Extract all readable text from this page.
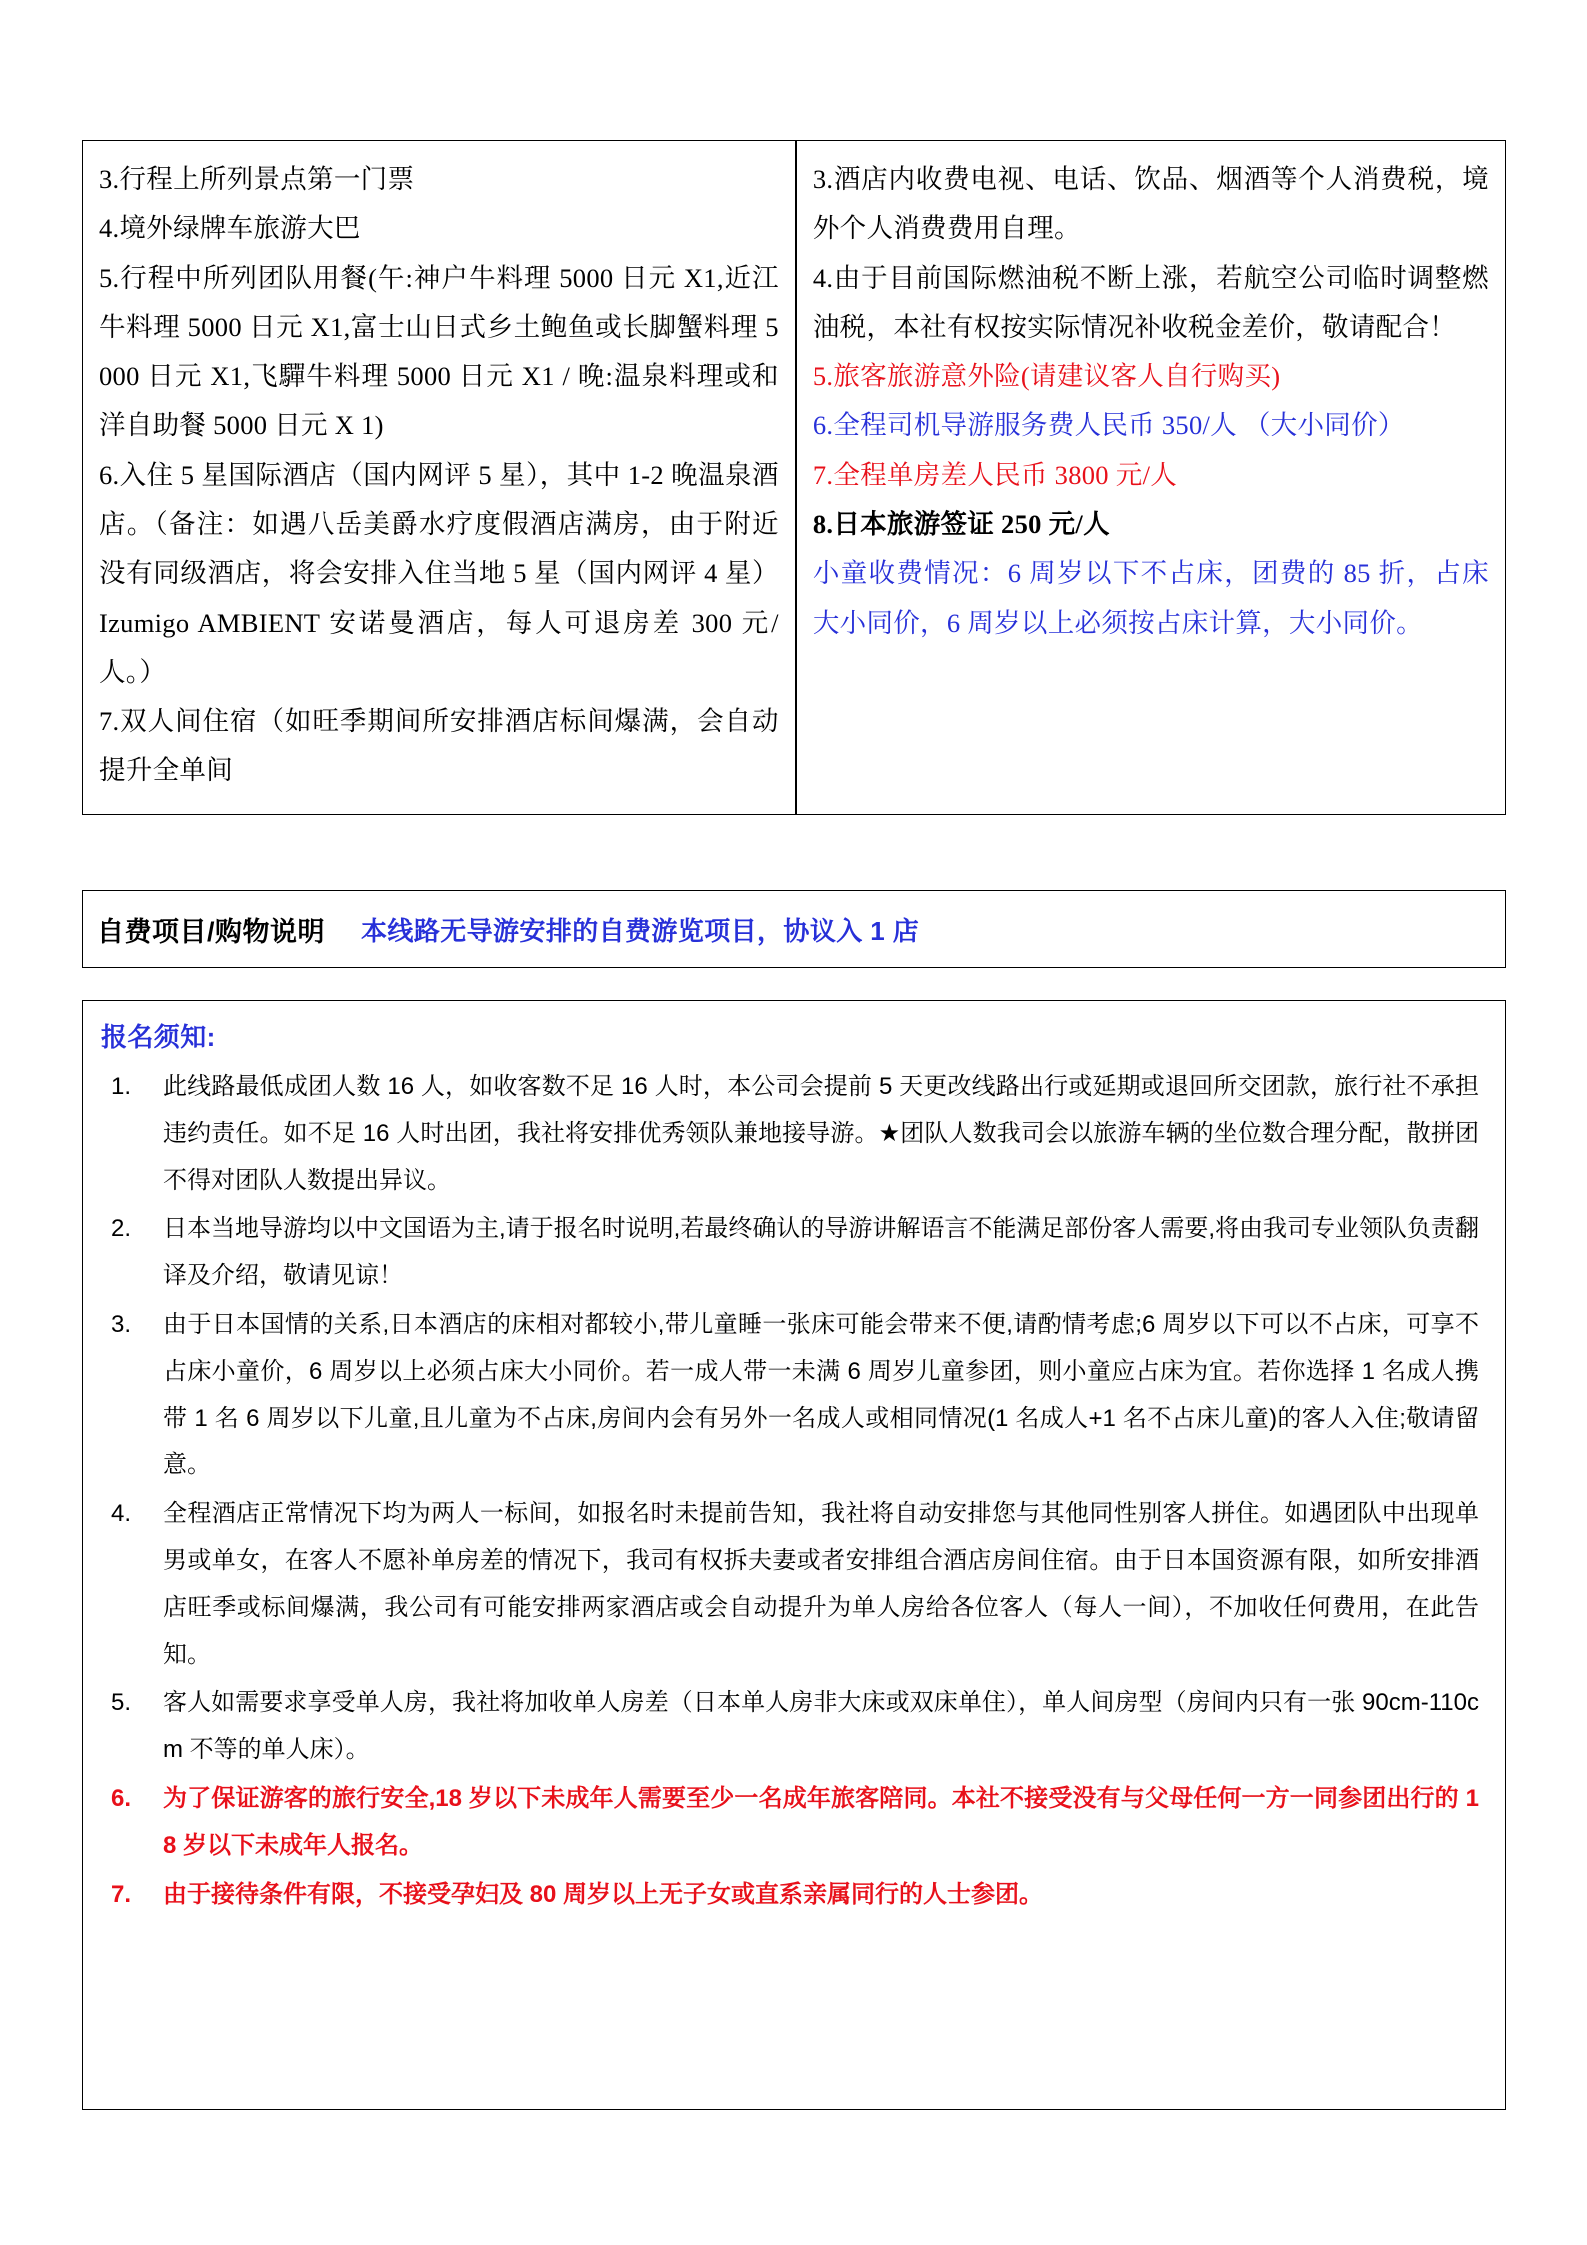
3.行程上所列景点第一门票
4.境外绿牌车旅游大巴
5.行程中所列团队用餐(午:神户牛料理 5000 日元 X1,近江牛料理 5000 日元 X1,富士山日式乡土鲍鱼或长脚蟹料理 5000 日元 X1,飞驒牛料理 5000 日元 X1 / 晚:温泉料理或和洋自助餐 5000 日元 X 1)
6.入住 5 星国际酒店（国内网评 5 星），其中 1-2 晚温泉酒店。（备注：如遇八岳美爵水疗度假酒店满房，由于附近没有同级酒店，将会安排入住当地 5 星（国内网评 4 星）Izumigo AMBIENT 安诺曼酒店，每人可退房差 300 元/人。）
7.双人间住宿（如旺季期间所安排酒店标间爆满，会自动提升全单间
3.酒店内收费电视、电话、饮品、烟酒等个人消费税，境外个人消费费用自理。
4.由于目前国际燃油税不断上涨，若航空公司临时调整燃油税，本社有权按实际情况补收税金差价，敬请配合！
5.旅客旅游意外险(请建议客人自行购买)
6.全程司机导游服务费人民币 350/人 （大小同价）
7.全程单房差人民币 3800 元/人
8.日本旅游签证 250 元/人
小童收费情况：6 周岁以下不占床，团费的 85 折，占床大小同价，6 周岁以上必须按占床计算，大小同价。
自费项目/购物说明 本线路无导游安排的自费游览项目，协议入 1 店
报名须知:
此线路最低成团人数 16 人，如收客数不足 16 人时，本公司会提前 5 天更改线路出行或延期或退回所交团款，旅行社不承担违约责任。如不足 16 人时出团，我社将安排优秀领队兼地接导游。★团队人数我司会以旅游车辆的坐位数合理分配，散拼团不得对团队人数提出异议。
日本当地导游均以中文国语为主,请于报名时说明,若最终确认的导游讲解语言不能满足部份客人需要,将由我司专业领队负责翻译及介绍，敬请见谅！
由于日本国情的关系,日本酒店的床相对都较小,带儿童睡一张床可能会带来不便,请酌情考虑;6 周岁以下可以不占床，可享不占床小童价，6 周岁以上必须占床大小同价。若一成人带一未满 6 周岁儿童参团，则小童应占床为宜。若你选择 1 名成人携带 1 名 6 周岁以下儿童,且儿童为不占床,房间内会有另外一名成人或相同情况(1 名成人+1 名不占床儿童)的客人入住;敬请留意。
全程酒店正常情况下均为两人一标间，如报名时未提前告知，我社将自动安排您与其他同性别客人拼住。如遇团队中出现单男或单女，在客人不愿补单房差的情况下，我司有权拆夫妻或者安排组合酒店房间住宿。由于日本国资源有限，如所安排酒店旺季或标间爆满，我公司有可能安排两家酒店或会自动提升为单人房给各位客人（每人一间），不加收任何费用，在此告知。
客人如需要求享受单人房，我社将加收单人房差（日本单人房非大床或双床单住），单人间房型（房间内只有一张 90cm-110cm 不等的单人床）。
为了保证游客的旅行安全,18 岁以下未成年人需要至少一名成年旅客陪同。本社不接受没有与父母任何一方一同参团出行的 18 岁以下未成年人报名。
由于接待条件有限，不接受孕妇及 80 周岁以上无子女或直系亲属同行的人士参团。
